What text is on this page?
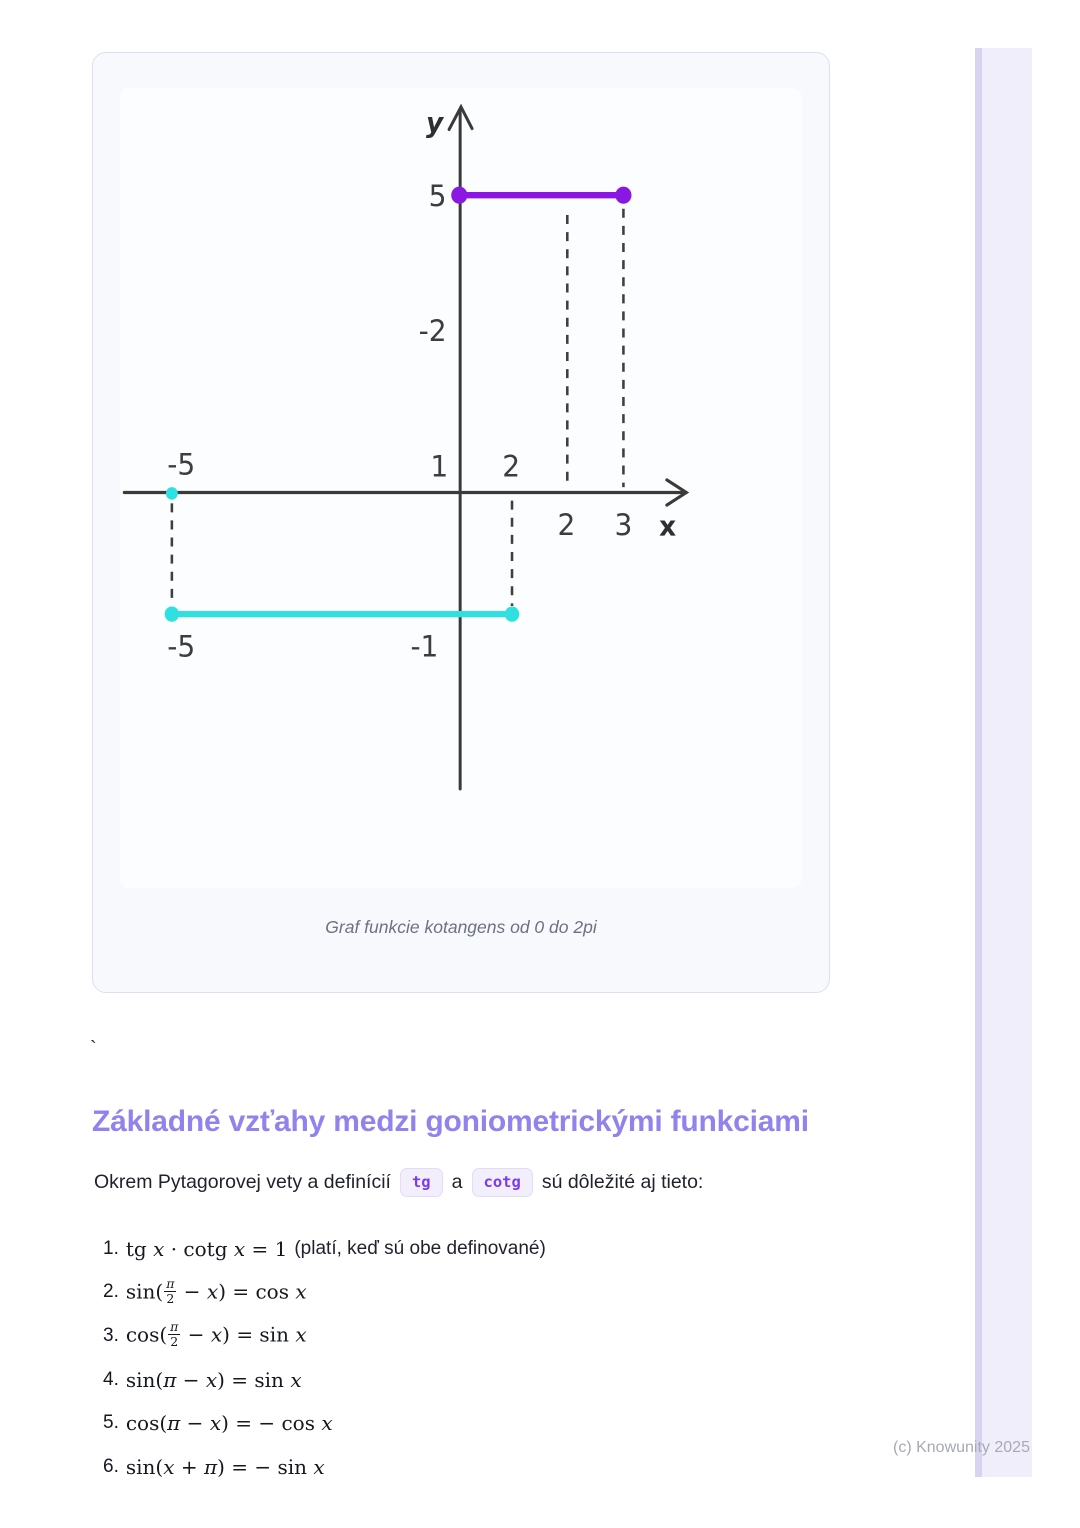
y
x
5
-2
1 2
2 3
-5
-5	-1
Graf funkcie kotangens od 0 do 2pi
`
Základné vzťahy medzi goniometrickými funkciami
Okrem Pytagorovej vety a definícií	tg	a	cotg	sú dôležité aj tieto:
1. tg x · cotg x = 1 (platí, keď sú obe definované)
2. $\sin( \frac{\pi}{2} - x) = \cos x$
3. $\cos( \frac{\pi}{2} - x) = \sin x$
4. sin(π − x) = sin x
5. cos(π − x) = − cos x
6. sin(x + π) = − sin x
(c) Knowunity 2025
